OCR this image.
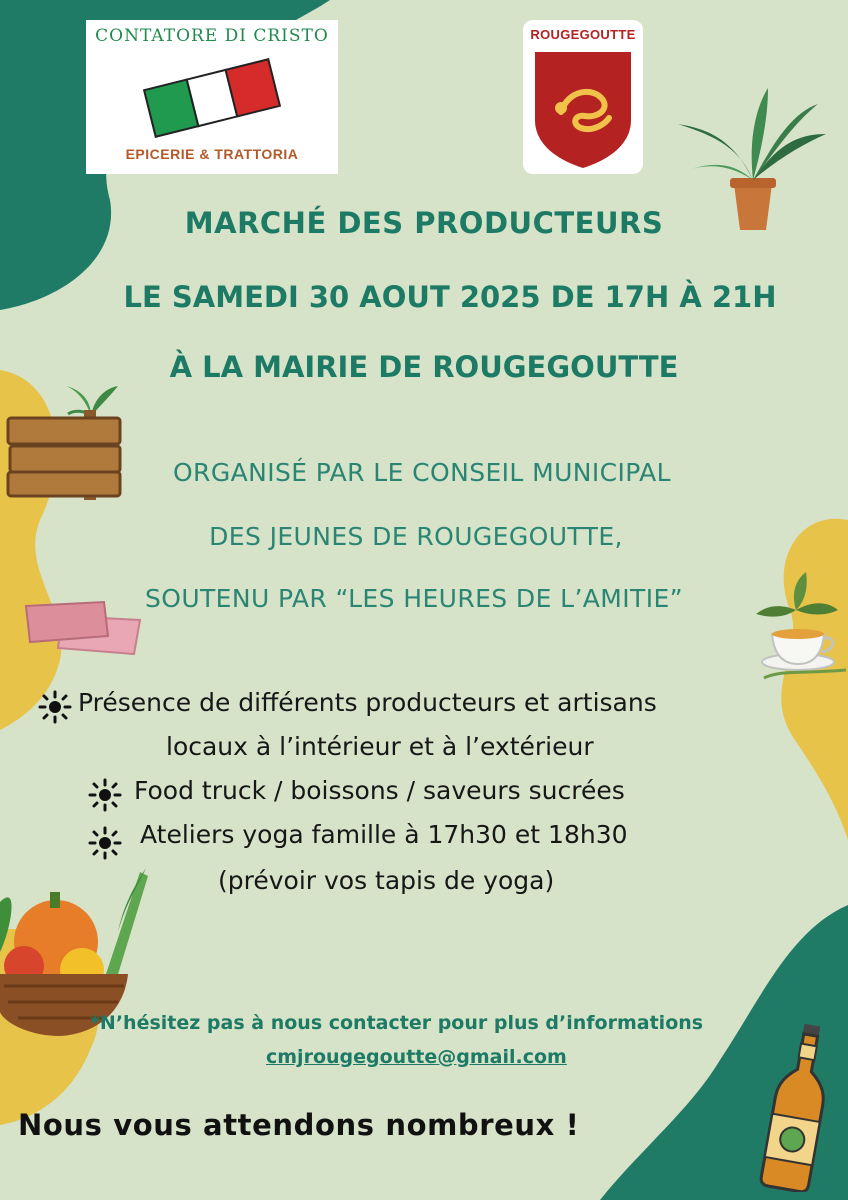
CONTATORE DI CRISTO
EPICERIE & TRATTORIA
ROUGEGOUTTE
MARCHÉ DES PRODUCTEURS
LE SAMEDI 30 AOUT 2025 DE 17H À 21H
À LA MAIRIE DE ROUGEGOUTTE
ORGANISÉ PAR LE CONSEIL MUNICIPAL
DES JEUNES DE ROUGEGOUTTE,
SOUTENU PAR “LES HEURES DE L’AMITIE”
Présence de différents producteurs et artisans
locaux à l’intérieur et à l’extérieur
Food truck / boissons / saveurs sucrées
Ateliers yoga famille à 17h30 et 18h30
(prévoir vos tapis de yoga)
*N’hésitez pas à nous contacter pour plus d’informations
cmjrougegoutte@gmail.com
Nous vous attendons nombreux !
